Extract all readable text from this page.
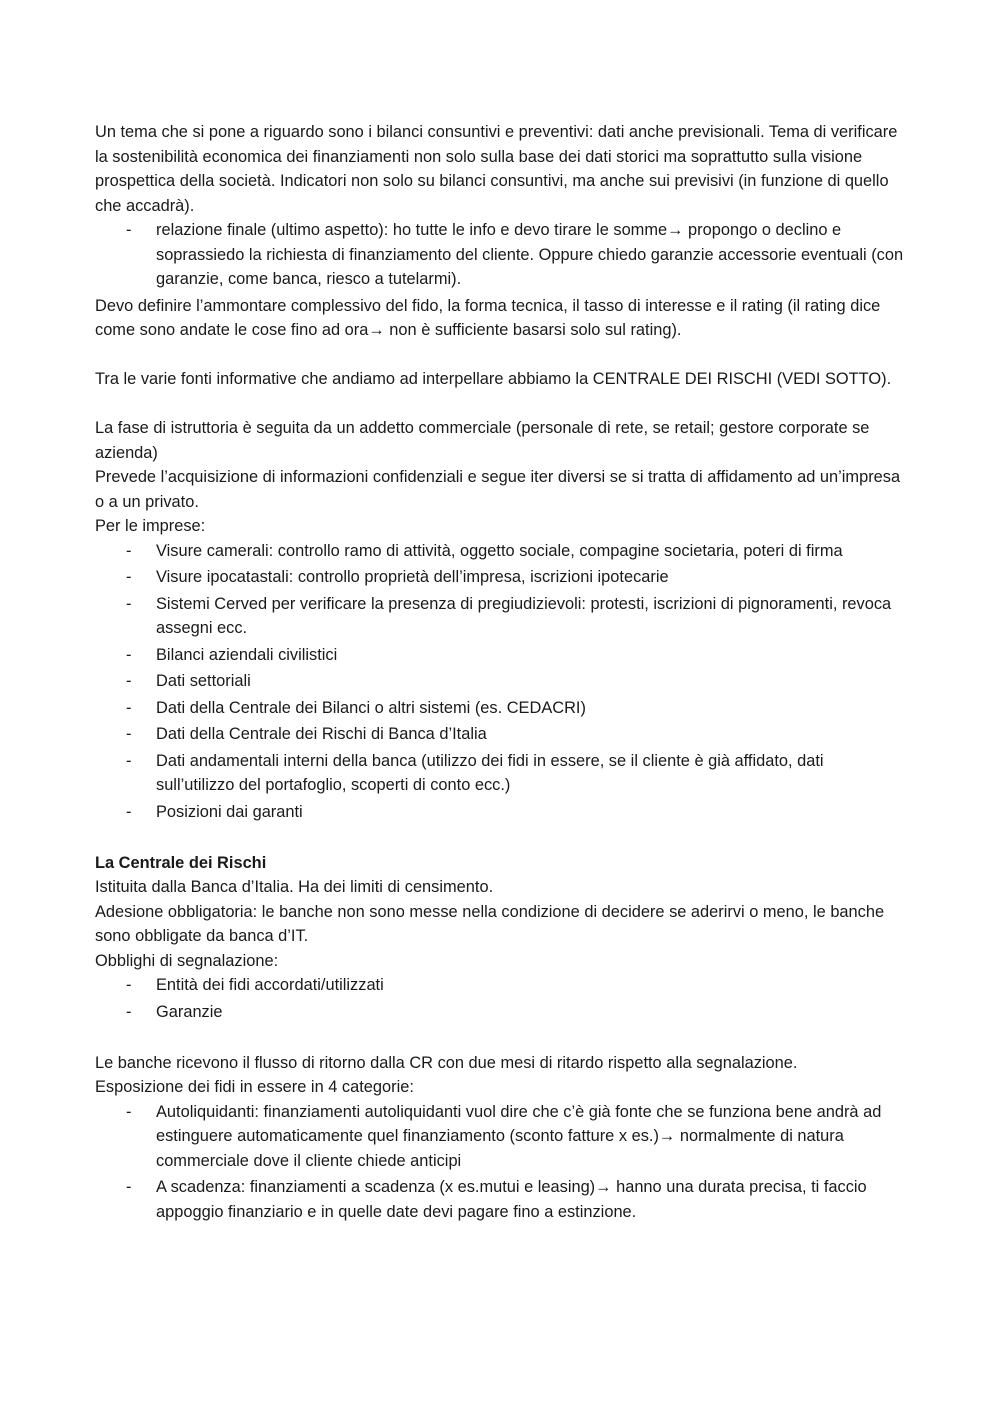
Un tema che si pone a riguardo sono i bilanci consuntivi e preventivi: dati anche previsionali. Tema di verificare la sostenibilità economica dei finanziamenti non solo sulla base dei dati storici ma soprattutto sulla visione prospettica della società. Indicatori non solo su bilanci consuntivi, ma anche sui previsivi (in funzione di quello che accadrà).

- relazione finale (ultimo aspetto): ho tutte le info e devo tirare le somme→ propongo o declino e soprassiedo la richiesta di finanziamento del cliente. Oppure chiedo garanzie accessorie eventuali (con garanzie, come banca, riesco a tutelarmi).

Devo definire l’ammontare complessivo del fido, la forma tecnica, il tasso di interesse e il rating (il rating dice come sono andate le cose fino ad ora→ non è sufficiente basarsi solo sul rating).

Tra le varie fonti informative che andiamo ad interpellare abbiamo la CENTRALE DEI RISCHI (VEDI SOTTO).

La fase di istruttoria è seguita da un addetto commerciale (personale di rete, se retail; gestore corporate se azienda)

Prevede l’acquisizione di informazioni confidenziali e segue iter diversi se si tratta di affidamento ad un’impresa o a un privato.

Per le imprese:

- Visure camerali: controllo ramo di attività, oggetto sociale, compagine societaria, poteri di firma
- Visure ipocatastali: controllo proprietà dell’impresa, iscrizioni ipotecarie
- Sistemi Cerved per verificare la presenza di pregiudizievoli: protesti, iscrizioni di pignoramenti, revoca assegni ecc.
- Bilanci aziendali civilistici
- Dati settoriali
- Dati della Centrale dei Bilanci o altri sistemi (es. CEDACRI)
- Dati della Centrale dei Rischi di Banca d’Italia
- Dati andamentali interni della banca (utilizzo dei fidi in essere, se il cliente è già affidato, dati sull’utilizzo del portafoglio, scoperti di conto ecc.)
- Posizioni dai garanti

La Centrale dei Rischi

Istituita dalla Banca d’Italia. Ha dei limiti di censimento.

Adesione obbligatoria: le banche non sono messe nella condizione di decidere se aderirvi o meno, le banche sono obbligate da banca d’IT.

Obblighi di segnalazione:

- Entità dei fidi accordati/utilizzati
- Garanzie

Le banche ricevono il flusso di ritorno dalla CR con due mesi di ritardo rispetto alla segnalazione.

Esposizione dei fidi in essere in 4 categorie:

- Autoliquidanti: finanziamenti autoliquidanti vuol dire che c’è già fonte che se funziona bene andrà ad estinguere automaticamente quel finanziamento (sconto fatture x es.)→ normalmente di natura commerciale dove il cliente chiede anticipi
- A scadenza: finanziamenti a scadenza (x es.mutui e leasing)→ hanno una durata precisa, ti faccio appoggio finanziario e in quelle date devi pagare fino a estinzione.
